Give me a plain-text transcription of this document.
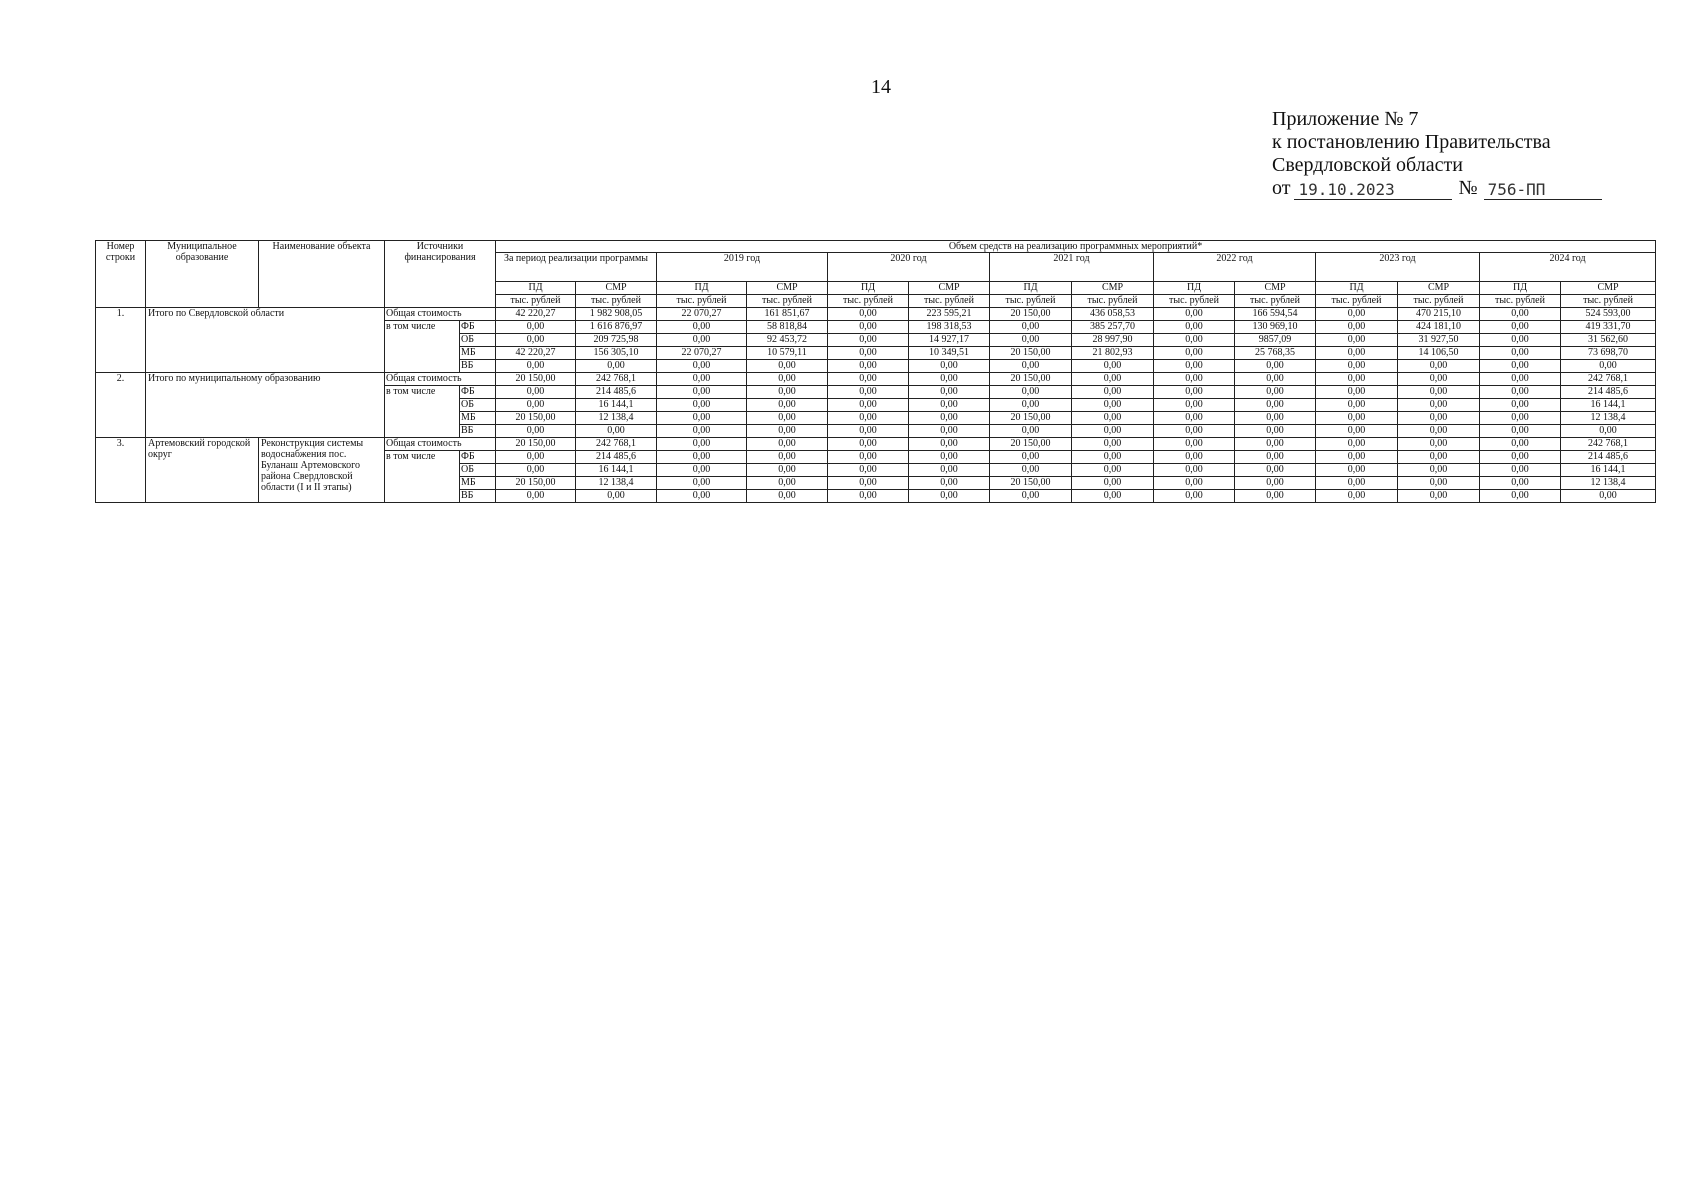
14
Приложение № 7
к постановлению Правительства
Свердловской области
от 19.10.2023	№ 756-ПП
Номер строки	Муниципальное образование	Наименование объекта	Источники финансирования		Объем средств на реализацию программных мероприятий*													
					За период реализации программы		2019 год		2020 год		2021 год		2022 год		2023 год		2024 год	
					ПД	СМР	ПД	СМР	ПД	СМР	ПД	СМР	ПД	СМР	ПД	СМР	ПД	СМР
					тыс. рублей	тыс. рублей	тыс. рублей	тыс. рублей	тыс. рублей	тыс. рублей	тыс. рублей	тыс. рублей	тыс. рублей	тыс. рублей	тыс. рублей	тыс. рублей	тыс. рублей	тыс. рублей
1.	Итого по Свердловской области		Общая стоимость		42 220,27	1 982 908,05	22 070,27	161 851,67	0,00	223 595,21	20 150,00	436 058,53	0,00	166 594,54	0,00	470 215,10	0,00	524 593,00
			в том числе	ФБ	0,00	1 616 876,97	0,00	58 818,84	0,00	198 318,53	0,00	385 257,70	0,00	130 969,10	0,00	424 181,10	0,00	419 331,70
				ОБ	0,00	209 725,98	0,00	92 453,72	0,00	14 927,17	0,00	28 997,90	0,00	9857,09	0,00	31 927,50	0,00	31 562,60
				МБ	42 220,27	156 305,10	22 070,27	10 579,11	0,00	10 349,51	20 150,00	21 802,93	0,00	25 768,35	0,00	14 106,50	0,00	73 698,70
				ВБ	0,00	0,00	0,00	0,00	0,00	0,00	0,00	0,00	0,00	0,00	0,00	0,00	0,00	0,00
2.	Итого по муниципальному образованию		Общая стоимость		20 150,00	242 768,1	0,00	0,00	0,00	0,00	20 150,00	0,00	0,00	0,00	0,00	0,00	0,00	242 768,1
			в том числе	ФБ	0,00	214 485,6	0,00	0,00	0,00	0,00	0,00	0,00	0,00	0,00	0,00	0,00	0,00	214 485,6
				ОБ	0,00	16 144,1	0,00	0,00	0,00	0,00	0,00	0,00	0,00	0,00	0,00	0,00	0,00	16 144,1
				МБ	20 150,00	12 138,4	0,00	0,00	0,00	0,00	20 150,00	0,00	0,00	0,00	0,00	0,00	0,00	12 138,4
				ВБ	0,00	0,00	0,00	0,00	0,00	0,00	0,00	0,00	0,00	0,00	0,00	0,00	0,00	0,00
3.	Артемовский городской округ	Реконструкция системы водоснабжения пос. Буланаш Артемовского района Свердловской области (I и II этапы)	Общая стоимость		20 150,00	242 768,1	0,00	0,00	0,00	0,00	20 150,00	0,00	0,00	0,00	0,00	0,00	0,00	242 768,1
			в том числе	ФБ	0,00	214 485,6	0,00	0,00	0,00	0,00	0,00	0,00	0,00	0,00	0,00	0,00	0,00	214 485,6
				ОБ	0,00	16 144,1	0,00	0,00	0,00	0,00	0,00	0,00	0,00	0,00	0,00	0,00	0,00	16 144,1
				МБ	20 150,00	12 138,4	0,00	0,00	0,00	0,00	20 150,00	0,00	0,00	0,00	0,00	0,00	0,00	12 138,4
				ВБ	0,00	0,00	0,00	0,00	0,00	0,00	0,00	0,00	0,00	0,00	0,00	0,00	0,00	0,00
